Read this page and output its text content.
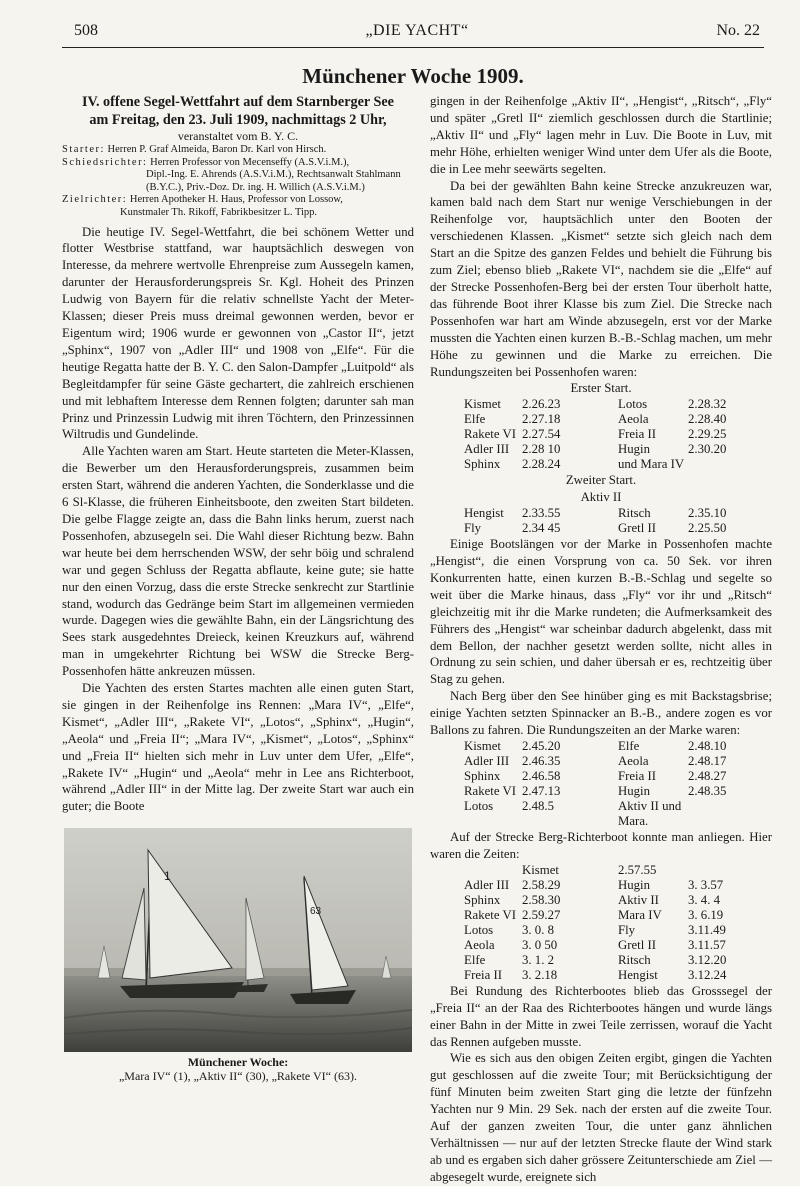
508	„DIE YACHT“	No. 22
Münchener Woche 1909.
IV. offene Segel-Wettfahrt auf dem Starnberger See
am Freitag, den 23. Juli 1909, nachmittags 2 Uhr,
veranstaltet vom B. Y. C.
Starter: Herren P. Graf Almeida, Baron Dr. Karl von Hirsch.
Schiedsrichter: Herren Professor von Mecenseffy (A.S.V.i.M.),
Dipl.-Ing. E. Ahrends (A.S.V.i.M.), Rechtsanwalt Stahlmann
(B.Y.C.), Priv.-Doz. Dr. ing. H. Willich (A.S.V.i.M.)
Zielrichter: Herren Apotheker H. Haus, Professor von Lossow,
Kunstmaler Th. Rikoff, Fabrikbesitzer L. Tipp.

Die heutige IV. Segel-Wettfahrt, die bei schönem Wetter und flotter Westbrise stattfand, war hauptsächlich deswegen von Interesse, da mehrere wertvolle Ehrenpreise zum Aussegeln kamen, darunter der Herausforderungspreis Sr. Kgl. Hoheit des Prinzen Ludwig von Bayern für die relativ schnellste Yacht der Meter-Klassen; dieser Preis muss dreimal gewonnen werden, bevor er Eigentum wird; 1906 wurde er gewonnen von „Castor II“, jetzt „Sphinx“, 1907 von „Adler III“ und 1908 von „Elfe“. Für die heutige Regatta hatte der B. Y. C. den Salon-Dampfer „Luitpold“ als Begleitdampfer für seine Gäste gechartert, die zahlreich erschienen und mit lebhaftem Interesse dem Rennen folgten; darunter sah man Prinz und Prinzessin Ludwig mit ihren Töchtern, den Prinzessinnen Wiltrudis und Gundelinde.

Alle Yachten waren am Start. Heute starteten die Meter-Klassen, die Bewerber um den Herausforderungspreis, zusammen beim ersten Start, während die anderen Yachten, die Sonderklasse und die 6 Sl-Klasse, die früheren Einheitsboote, den zweiten Start bildeten. Die gelbe Flagge zeigte an, dass die Bahn links herum, zuerst nach Possenhofen, abzusegeln sei. Die Wahl dieser Richtung bezw. Bahn war heute bei dem herrschenden WSW, der sehr böig und schralend war und gegen Schluss der Regatta abflaute, keine gute; sie hatte nur den einen Vorzug, dass die erste Strecke senkrecht zur Startlinie stand, wodurch das Gedränge beim Start im allgemeinen vermieden wurde. Dagegen wies die gewählte Bahn, ein der Längsrichtung des Sees stark ausgedehntes Dreieck, keinen Kreuzkurs auf, während man in umgekehrter Richtung bei WSW die Strecke Berg-Possenhofen hätte ankreuzen müssen.

Die Yachten des ersten Startes machten alle einen guten Start, sie gingen in der Reihenfolge ins Rennen: „Mara IV“, „Elfe“, Kismet“, „Adler III“, „Rakete VI“, „Lotos“, „Sphinx“, „Hugin“, „Aeola“ und „Freia II“; „Mara IV“, „Kismet“, „Lotos“, „Sphinx“ und „Freia II“ hielten sich mehr in Luv unter dem Ufer, „Elfe“, „Rakete IV“ „Hugin“ und „Aeola“ mehr in Lee ans Richterboot, während „Adler III“ in der Mitte lag. Der zweite Start war auch ein guter; die Boote

1
63
Münchener Woche:
„Mara IV“ (1), „Aktiv II“ (30), „Rakete VI“ (63).

gingen in der Reihenfolge „Aktiv II“, „Hengist“, „Ritsch“, „Fly“ und später „Gretl II“ ziemlich geschlossen durch die Startlinie; „Aktiv II“ und „Fly“ lagen mehr in Luv. Die Boote in Luv, mit mehr Höhe, erhielten weniger Wind unter dem Ufer als die Boote, die in Lee mehr seewärts segelten.

Da bei der gewählten Bahn keine Strecke anzukreuzen war, kamen bald nach dem Start nur wenige Verschiebungen in der Reihenfolge vor, hauptsächlich unter den Booten der verschiedenen Klassen. „Kismet“ setzte sich gleich nach dem Start an die Spitze des ganzen Feldes und behielt die Führung bis zum Ziel; ebenso blieb „Rakete VI“, nachdem sie die „Elfe“ auf der Strecke Possenhofen-Berg bei der ersten Tour überholt hatte, das führende Boot ihrer Klasse bis zum Ziel. Die Strecke nach Possenhofen war hart am Winde abzusegeln, erst vor der Marke mussten die Yachten einen kurzen B.-B.-Schlag machen, um mehr Höhe zu gewinnen und die Marke zu erreichen. Die Rundungszeiten bei Possenhofen waren:

Erster Start.
Kismet	2.26.23	Lotos	2.28.32
Elfe	2.27.18	Aeola	2.28.40
Rakete VI	2.27.54	Freia II	2.29.25
Adler III	2.28 10	Hugin	2.30.20
Sphinx	2.28.24	und Mara IV	
Zweiter Start.
Aktiv II
Hengist	2.33.55	Ritsch	2.35.10
Fly	2.34 45	Gretl II	2.25.50

Einige Bootslängen vor der Marke in Possenhofen machte „Hengist“, die einen Vorsprung von ca. 50 Sek. vor ihren Konkurrenten hatte, einen kurzen B.-B.-Schlag und segelte so weit über die Marke hinaus, dass „Fly“ vor ihr und „Ritsch“ gleichzeitig mit ihr die Marke rundeten; die Aufmerksamkeit des Führers des „Hengist“ war scheinbar dadurch abgelenkt, dass mit dem Bellon, der nachher gesetzt werden sollte, nicht alles in Ordnung zu sein schien, und daher übersah er es, rechtzeitig über Stag zu gehen.

Nach Berg über den See hinüber ging es mit Backstagsbrise; einige Yachten setzten Spinnacker an B.-B., andere zogen es vor Ballons zu fahren. Die Rundungszeiten an der Marke waren:

Kismet	2.45.20	Elfe	2.48.10
Adler III	2.46.35	Aeola	2.48.17
Sphinx	2.46.58	Freia II	2.48.27
Rakete VI	2.47.13	Hugin	2.48.35
Lotos	2.48.5	Aktiv II und Mara.	

Auf der Strecke Berg-Richterboot konnte man anliegen. Hier waren die Zeiten:

	Kismet	2.57.55	
Adler III	2.58.29	Hugin	3. 3.57
Sphinx	2.58.30	Aktiv II	3. 4. 4
Rakete VI	2.59.27	Mara IV	3. 6.19
Lotos	3. 0. 8	Fly	3.11.49
Aeola	3. 0 50	Gretl II	3.11.57
Elfe	3. 1. 2	Ritsch	3.12.20
Freia II	3. 2.18	Hengist	3.12.24

Bei Rundung des Richterbootes blieb das Grosssegel der „Freia II“ an der Raa des Richterbootes hängen und wurde längs einer Bahn in der Mitte in zwei Teile zerrissen, worauf die Yacht das Rennen aufgeben musste.

Wie es sich aus den obigen Zeiten ergibt, gingen die Yachten gut geschlossen auf die zweite Tour; mit Berücksichtigung der fünf Minuten beim zweiten Start ging die letzte der fünfzehn Yachten nur 9 Min. 29 Sek. nach der ersten auf die zweite Tour. Auf der ganzen zweiten Tour, die unter ganz ähnlichen Verhältnissen — nur auf der letzten Strecke flaute der Wind stark ab und es ergaben sich daher grössere Zeitunterschiede am Ziel — abgesegelt wurde, ereignete sich
